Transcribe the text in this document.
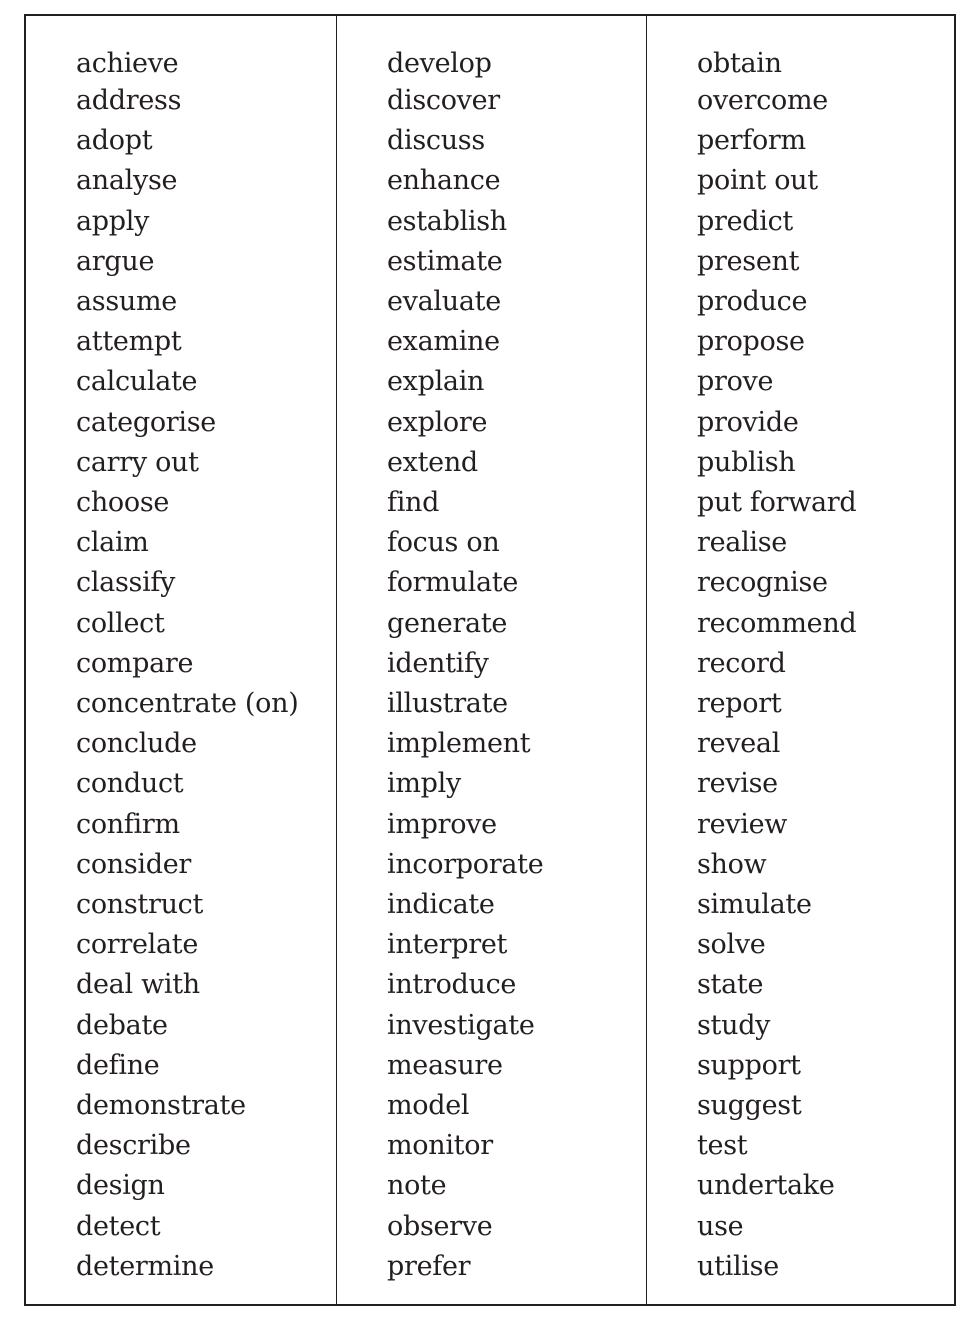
achieve
address
adopt
analyse
apply
argue
assume
attempt
calculate
categorise
carry out
choose
claim
classify
collect
compare
concentrate (on)
conclude
conduct
confirm
consider
construct
correlate
deal with
debate
define
demonstrate
describe
design
detect
determine
develop
discover
discuss
enhance
establish
estimate
evaluate
examine
explain
explore
extend
find
focus on
formulate
generate
identify
illustrate
implement
imply
improve
incorporate
indicate
interpret
introduce
investigate
measure
model
monitor
note
observe
prefer
obtain
overcome
perform
point out
predict
present
produce
propose
prove
provide
publish
put forward
realise
recognise
recommend
record
report
reveal
revise
review
show
simulate
solve
state
study
support
suggest
test
undertake
use
utilise
